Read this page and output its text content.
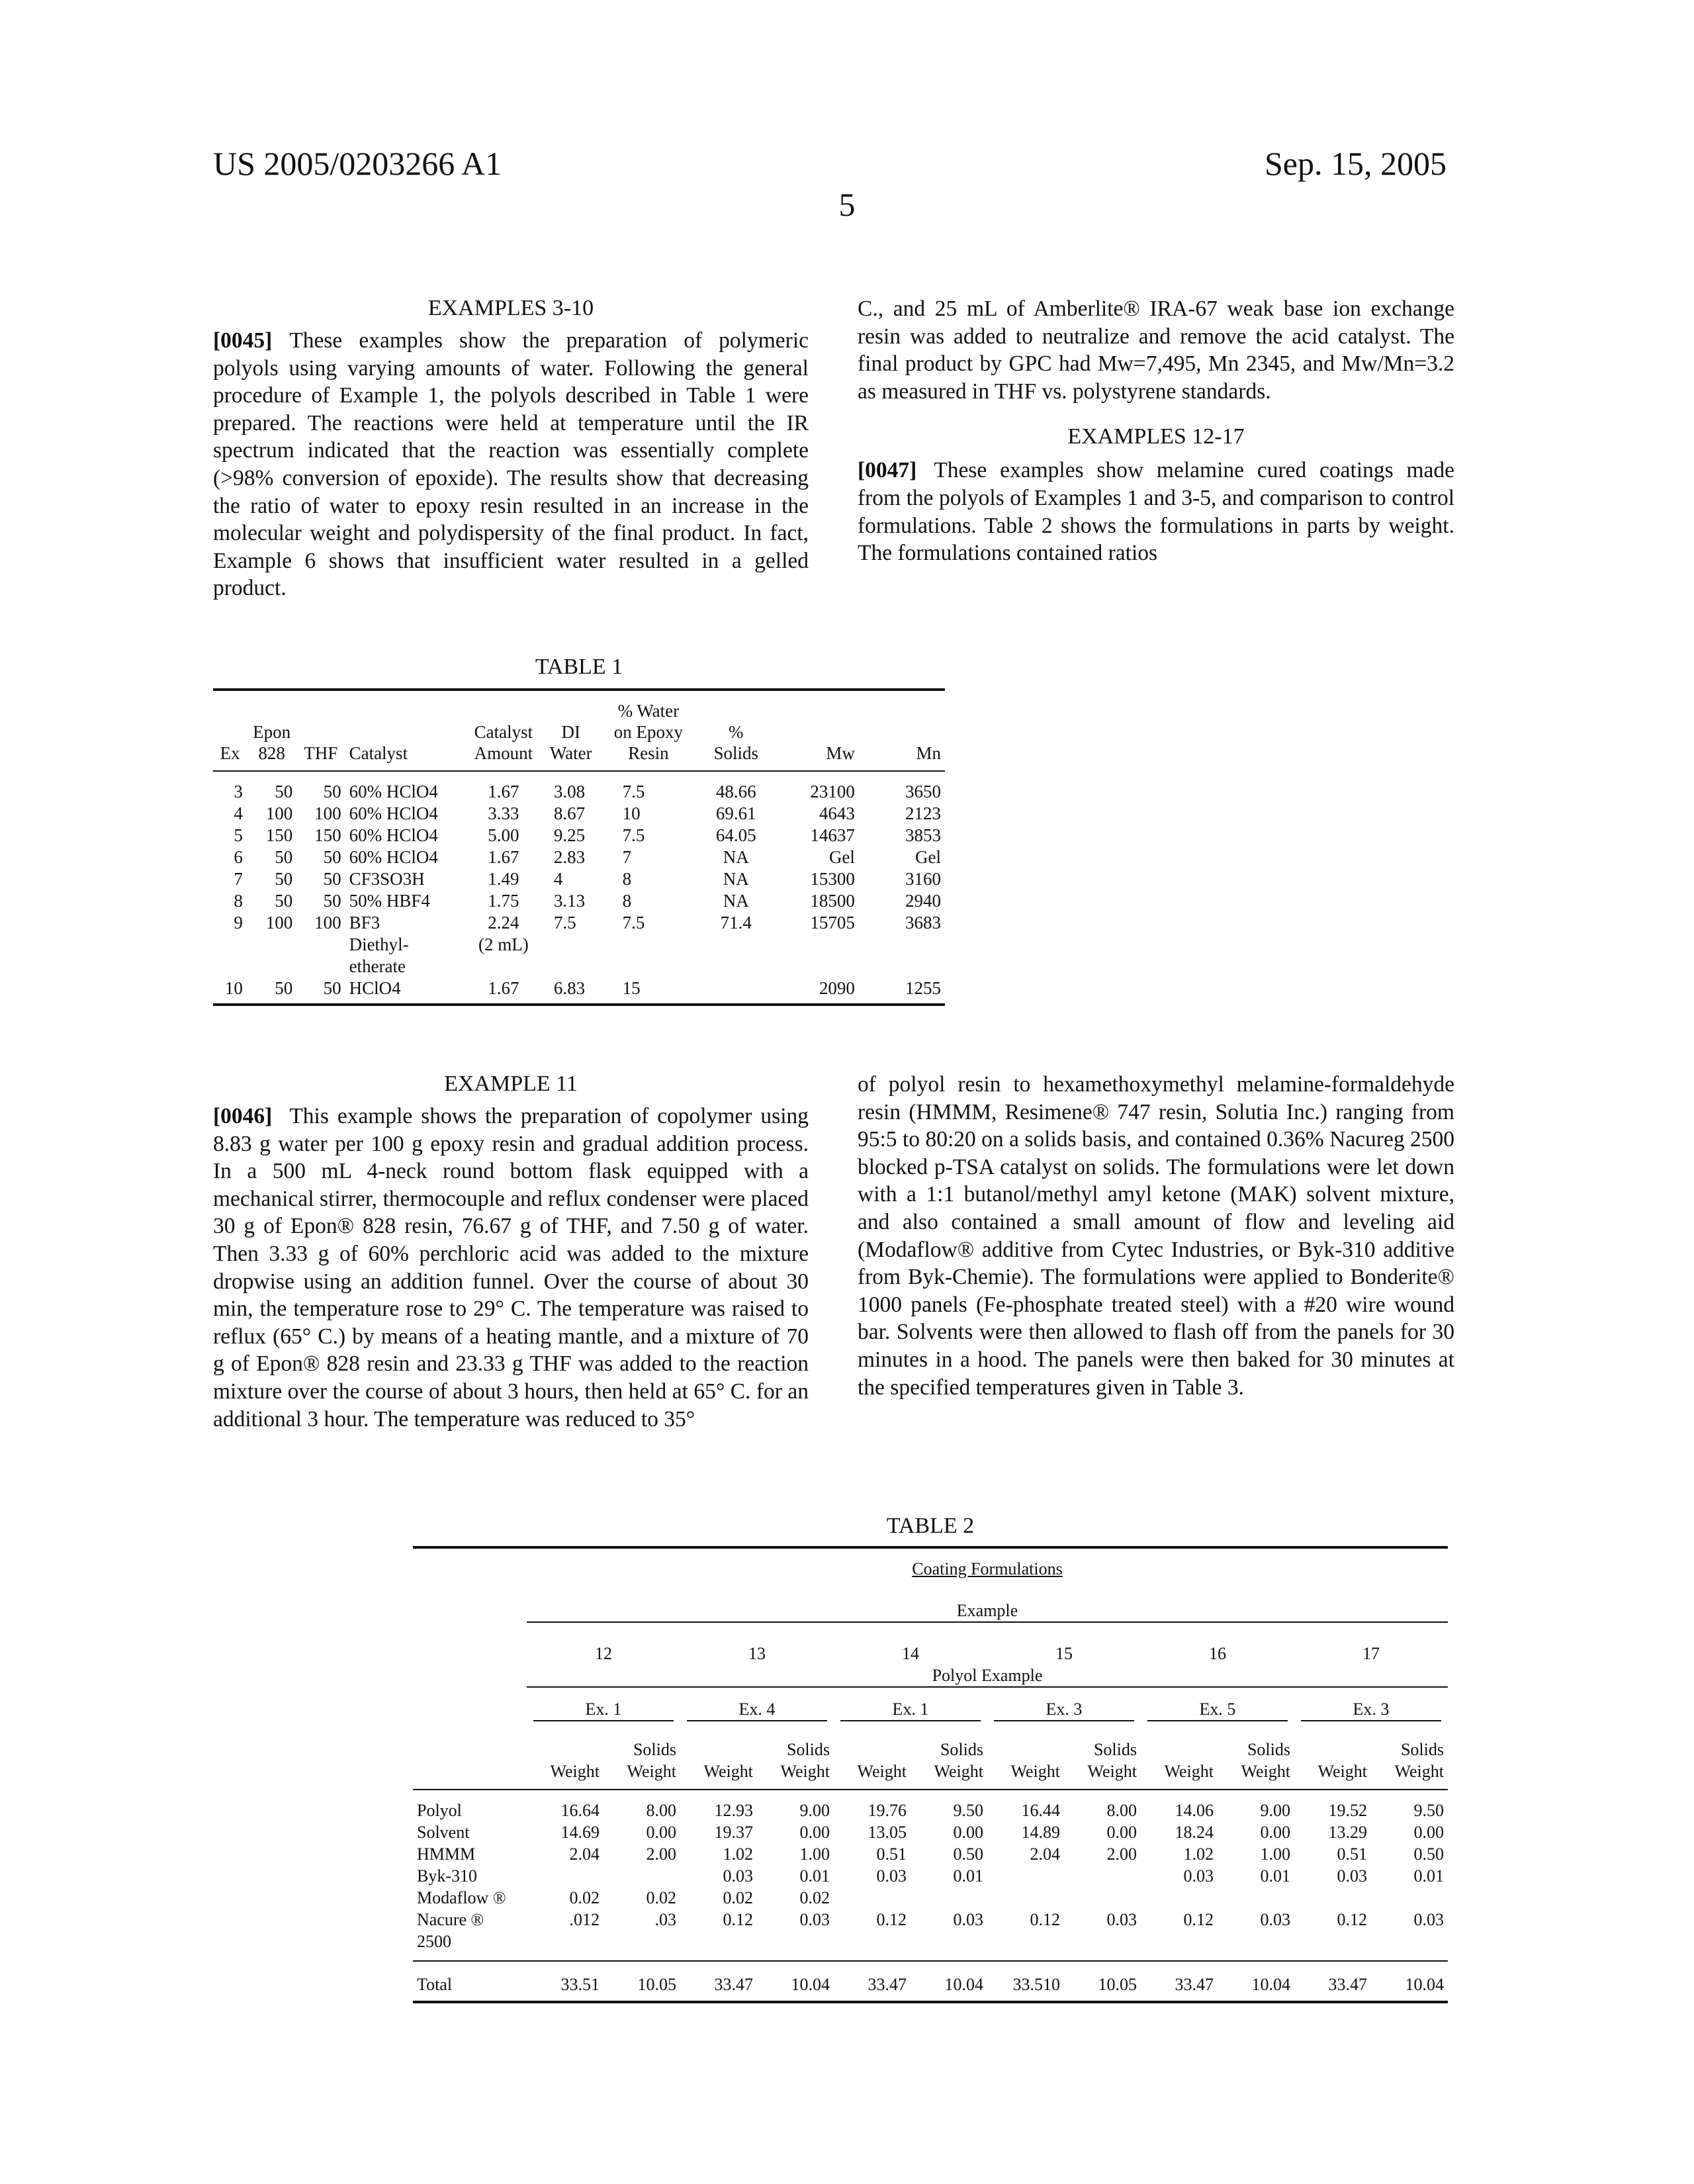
US 2005/0203266 A1	Sep. 15, 2005
5
EXAMPLES 3-10
[0045] These examples show the preparation of polymeric polyols using varying amounts of water. Following the general procedure of Example 1, the polyols described in Table 1 were prepared. The reactions were held at temperature until the IR spectrum indicated that the reaction was essentially complete (>98% conversion of epoxide). The results show that decreasing the ratio of water to epoxy resin resulted in an increase in the molecular weight and polydispersity of the final product. In fact, Example 6 shows that insufficient water resulted in a gelled product.
C., and 25 mL of Amberlite® IRA-67 weak base ion exchange resin was added to neutralize and remove the acid catalyst. The final product by GPC had Mw=7,495, Mn 2345, and Mw/Mn=3.2 as measured in THF vs. polystyrene standards.
EXAMPLES 12-17
[0047] These examples show melamine cured coatings made from the polyols of Examples 1 and 3-5, and comparison to control formulations. Table 2 shows the formulations in parts by weight. The formulations contained ratios
TABLE 1
Ex	Epon
828	THF	Catalyst	Catalyst
Amount	DI
Water	% Water
on Epoxy
Resin	%
Solids	Mw	Mn
3	50	50	60% HClO4	1.67	3.08	7.5	48.66	23100	3650
4	100	100	60% HClO4	3.33	8.67	10	69.61	4643	2123
5	150	150	60% HClO4	5.00	9.25	7.5	64.05	14637	3853
6	50	50	60% HClO4	1.67	2.83	7	NA	Gel	Gel
7	50	50	CF3SO3H	1.49	4	8	NA	15300	3160
8	50	50	50% HBF4	1.75	3.13	8	NA	18500	2940
9	100	100	BF3	2.24	7.5	7.5	71.4	15705	3683
			Diethyl-	(2 mL)					
			etherate						
10	50	50	HClO4	1.67	6.83	15		2090	1255
EXAMPLE 11
[0046] This example shows the preparation of copolymer using 8.83 g water per 100 g epoxy resin and gradual addition process. In a 500 mL 4-neck round bottom flask equipped with a mechanical stirrer, thermocouple and reflux condenser were placed 30 g of Epon® 828 resin, 76.67 g of THF, and 7.50 g of water. Then 3.33 g of 60% perchloric acid was added to the mixture dropwise using an addition funnel. Over the course of about 30 min, the temperature rose to 29° C. The temperature was raised to reflux (65° C.) by means of a heating mantle, and a mixture of 70 g of Epon® 828 resin and 23.33 g THF was added to the reaction mixture over the course of about 3 hours, then held at 65° C. for an additional 3 hour. The temperature was reduced to 35°
of polyol resin to hexamethoxymethyl melamine-formaldehyde resin (HMMM, Resimene® 747 resin, Solutia Inc.) ranging from 95:5 to 80:20 on a solids basis, and contained 0.36% Nacureg 2500 blocked p-TSA catalyst on solids. The formulations were let down with a 1:1 butanol/methyl amyl ketone (MAK) solvent mixture, and also contained a small amount of flow and leveling aid (Modaflow® additive from Cytec Industries, or Byk-310 additive from Byk-Chemie). The formulations were applied to Bonderite® 1000 panels (Fe-phosphate treated steel) with a #20 wire wound bar. Solvents were then allowed to flash off from the panels for 30 minutes in a hood. The panels were then baked for 30 minutes at the specified temperatures given in Table 3.
TABLE 2
	Coating Formulations
	Example
	12	13	14	15	16	17
	Polyol Example

Ex. 1	Ex. 4	Ex. 1	Ex. 3	Ex. 5	Ex. 3

		Solids		Solids		Solids		Solids		Solids		Solids
	Weight	Weight	Weight	Weight	Weight	Weight	Weight	Weight	Weight	Weight	Weight	Weight
Polyol	16.64	8.00	12.93	9.00	19.76	9.50	16.44	8.00	14.06	9.00	19.52	9.50
Solvent	14.69	0.00	19.37	0.00	13.05	0.00	14.89	0.00	18.24	0.00	13.29	0.00
HMMM	2.04	2.00	1.02	1.00	0.51	0.50	2.04	2.00	1.02	1.00	0.51	0.50
Byk-310			0.03	0.01	0.03	0.01			0.03	0.01	0.03	0.01
Modaflow ®	0.02	0.02	0.02	0.02								
Nacure ®	.012	.03	0.12	0.03	0.12	0.03	0.12	0.03	0.12	0.03	0.12	0.03
2500												
Total	33.51	10.05	33.47	10.04	33.47	10.04	33.510	10.05	33.47	10.04	33.47	10.04
